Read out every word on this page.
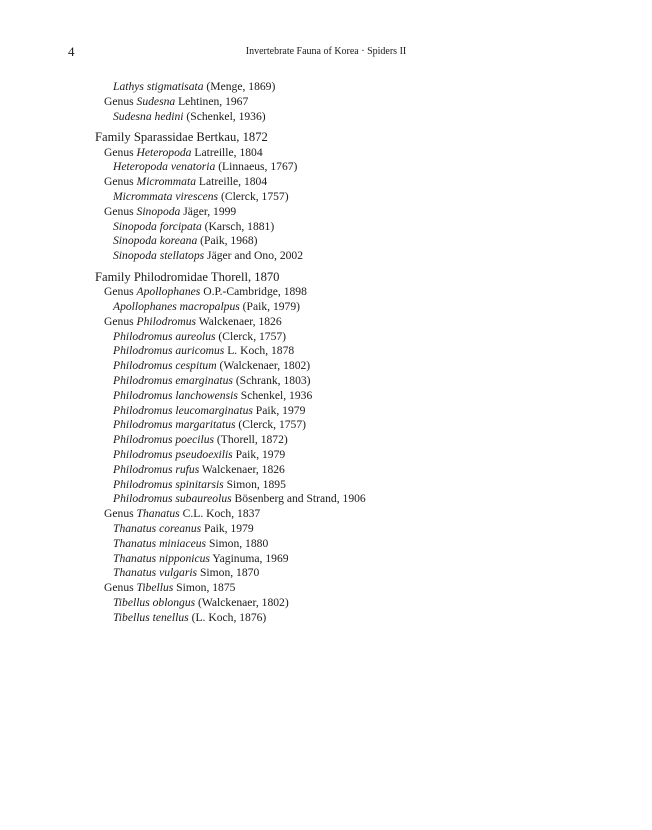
4	Invertebrate Fauna of Korea · Spiders II
Lathys stigmatisata (Menge, 1869)
Genus Sudesna Lehtinen, 1967
Sudesna hedini (Schenkel, 1936)
Family Sparassidae Bertkau, 1872
Genus Heteropoda Latreille, 1804
Heteropoda venatoria (Linnaeus, 1767)
Genus Micrommata Latreille, 1804
Micrommata virescens (Clerck, 1757)
Genus Sinopoda Jäger, 1999
Sinopoda forcipata (Karsch, 1881)
Sinopoda koreana (Paik, 1968)
Sinopoda stellatops Jäger and Ono, 2002
Family Philodromidae Thorell, 1870
Genus Apollophanes O.P.-Cambridge, 1898
Apollophanes macropalpus (Paik, 1979)
Genus Philodromus Walckenaer, 1826
Philodromus aureolus (Clerck, 1757)
Philodromus auricomus L. Koch, 1878
Philodromus cespitum (Walckenaer, 1802)
Philodromus emarginatus (Schrank, 1803)
Philodromus lanchowensis Schenkel, 1936
Philodromus leucomarginatus Paik, 1979
Philodromus margaritatus (Clerck, 1757)
Philodromus poecilus (Thorell, 1872)
Philodromus pseudoexilis Paik, 1979
Philodromus rufus Walckenaer, 1826
Philodromus spinitarsis Simon, 1895
Philodromus subaureolus Bösenberg and Strand, 1906
Genus Thanatus C.L. Koch, 1837
Thanatus coreanus Paik, 1979
Thanatus miniaceus Simon, 1880
Thanatus nipponicus Yaginuma, 1969
Thanatus vulgaris Simon, 1870
Genus Tibellus Simon, 1875
Tibellus oblongus (Walckenaer, 1802)
Tibellus tenellus (L. Koch, 1876)
